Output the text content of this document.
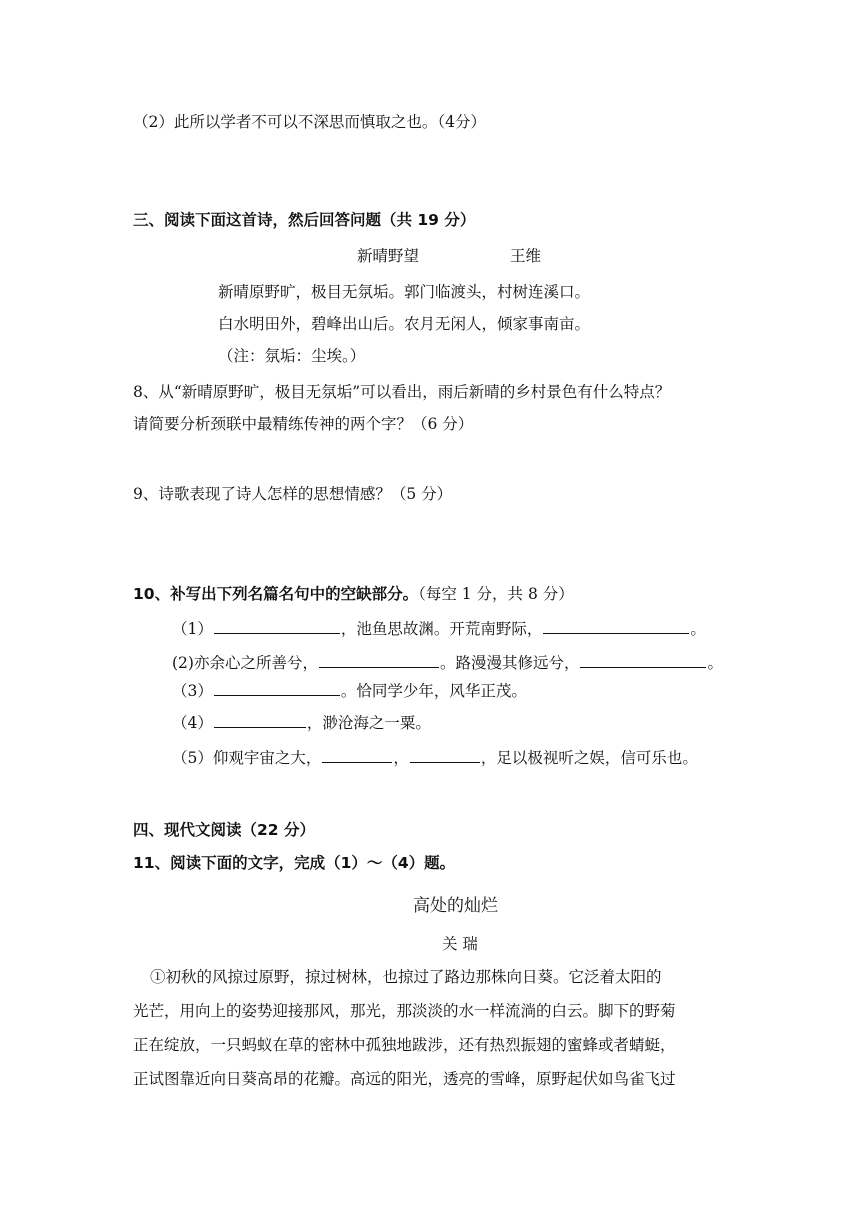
（2）此所以学者不可以不深思而慎取之也。（4分）
三、阅读下面这首诗，然后回答问题（共 19 分）
新晴野望	王维
新晴原野旷，极目无氛垢。郭门临渡头，村树连溪口。
白水明田外，碧峰出山后。农月无闲人，倾家事南亩。
（注：氛垢：尘埃。）
8、从“新晴原野旷，极目无氛垢”可以看出，雨后新晴的乡村景色有什么特点？
请简要分析颈联中最精练传神的两个字？（6 分）
9、诗歌表现了诗人怎样的思想情感？（5 分）
10、补写出下列名篇名句中的空缺部分。（每空 1 分，共 8 分）
（1）	，池鱼思故渊。开荒南野际，	。
(2)亦余心之所善兮，	。路漫漫其修远兮，	。
（3）	。恰同学少年，风华正茂。
（4）	，渺沧海之一粟。
（5）仰观宇宙之大，	，	，足以极视听之娱，信可乐也。
四、现代文阅读（22 分）
11、阅读下面的文字，完成（1）～（4）题。
高处的灿烂
关 瑞
①初秋的风掠过原野，掠过树林，也掠过了路边那株向日葵。它泛着太阳的
光芒，用向上的姿势迎接那风，那光，那淡淡的水一样流淌的白云。脚下的野菊
正在绽放，一只蚂蚁在草的密林中孤独地跋涉，还有热烈振翅的蜜蜂或者蜻蜓，
正试图靠近向日葵高昂的花瓣。高远的阳光，透亮的雪峰，原野起伏如鸟雀飞过
